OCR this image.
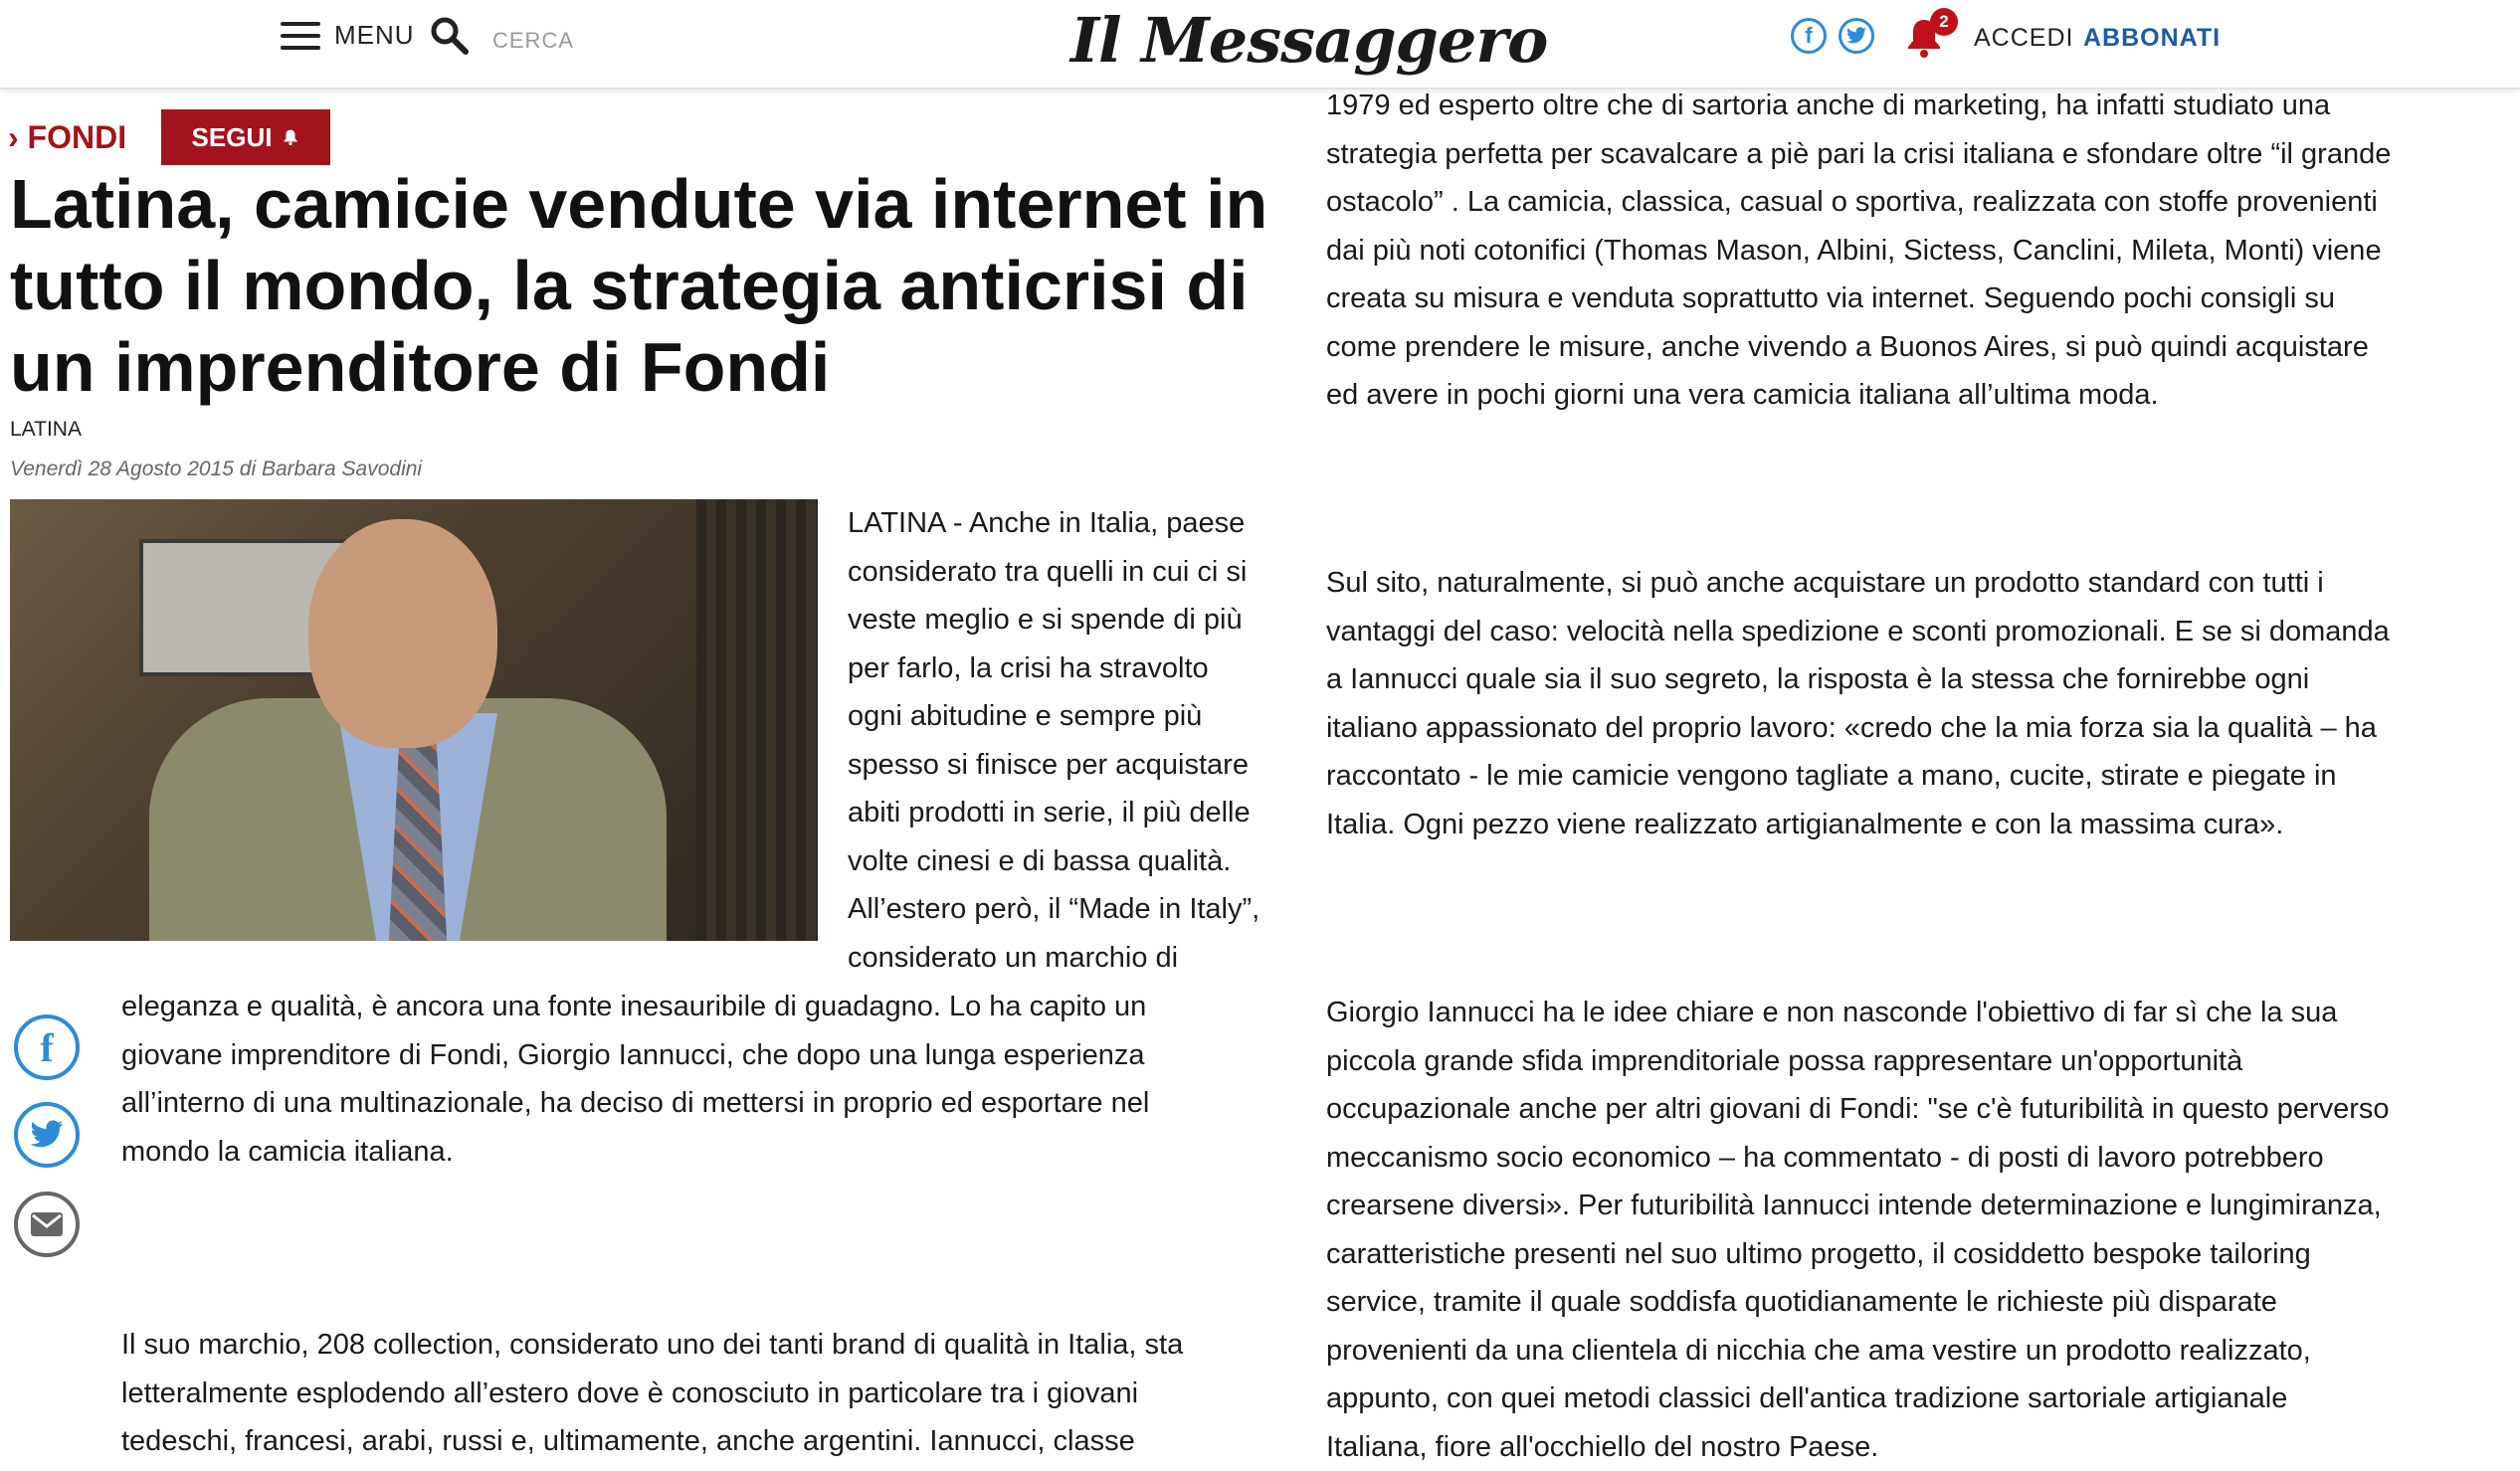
MENU	CERCA	Il Messaggero	f
2
ACCEDI ABBONATI
› FONDI	SEGUI
Latina, camicie vendute via internet in tutto il mondo, la strategia anticrisi di un imprenditore di Fondi
LATINA
Venerdì 28 Agosto 2015 di Barbara Savodini
LATINA - Anche in Italia, paese
considerato tra quelli in cui ci si
veste meglio e si spende di più
per farlo, la crisi ha stravolto
ogni abitudine e sempre più
spesso si finisce per acquistare
abiti prodotti in serie, il più delle
volte cinesi e di bassa qualità.
All’estero però, il “Made in Italy”,
considerato un marchio di
eleganza e qualità, è ancora una fonte inesauribile di guadagno. Lo ha capito un
giovane imprenditore di Fondi, Giorgio Iannucci, che dopo una lunga esperienza
all’interno di una multinazionale, ha deciso di mettersi in proprio ed esportare nel
mondo la camicia italiana.
Il suo marchio, 208 collection, considerato uno dei tanti brand di qualità in Italia, sta
letteralmente esplodendo all’estero dove è conosciuto in particolare tra i giovani
tedeschi, francesi, arabi, russi e, ultimamente, anche argentini. Iannucci, classe
f
1979 ed esperto oltre che di sartoria anche di marketing, ha infatti studiato una
strategia perfetta per scavalcare a piè pari la crisi italiana e sfondare oltre “il grande
ostacolo” . La camicia, classica, casual o sportiva, realizzata con stoffe provenienti
dai più noti cotonifici (Thomas Mason, Albini, Sictess, Canclini, Mileta, Monti) viene
creata su misura e venduta soprattutto via internet. Seguendo pochi consigli su
come prendere le misure, anche vivendo a Buonos Aires, si può quindi acquistare
ed avere in pochi giorni una vera camicia italiana all’ultima moda.
Sul sito, naturalmente, si può anche acquistare un prodotto standard con tutti i
vantaggi del caso: velocità nella spedizione e sconti promozionali. E se si domanda
a Iannucci quale sia il suo segreto, la risposta è la stessa che fornirebbe ogni
italiano appassionato del proprio lavoro: «credo che la mia forza sia la qualità – ha
raccontato - le mie camicie vengono tagliate a mano, cucite, stirate e piegate in
Italia. Ogni pezzo viene realizzato artigianalmente e con la massima cura».
Giorgio Iannucci ha le idee chiare e non nasconde l'obiettivo di far sì che la sua
piccola grande sfida imprenditoriale possa rappresentare un'opportunità
occupazionale anche per altri giovani di Fondi: "se c'è futuribilità in questo perverso
meccanismo socio economico – ha commentato - di posti di lavoro potrebbero
crearsene diversi». Per futuribilità Iannucci intende determinazione e lungimiranza,
caratteristiche presenti nel suo ultimo progetto, il cosiddetto bespoke tailoring
service, tramite il quale soddisfa quotidianamente le richieste più disparate
provenienti da una clientela di nicchia che ama vestire un prodotto realizzato,
appunto, con quei metodi classici dell'antica tradizione sartoriale artigianale
Italiana, fiore all'occhiello del nostro Paese.
